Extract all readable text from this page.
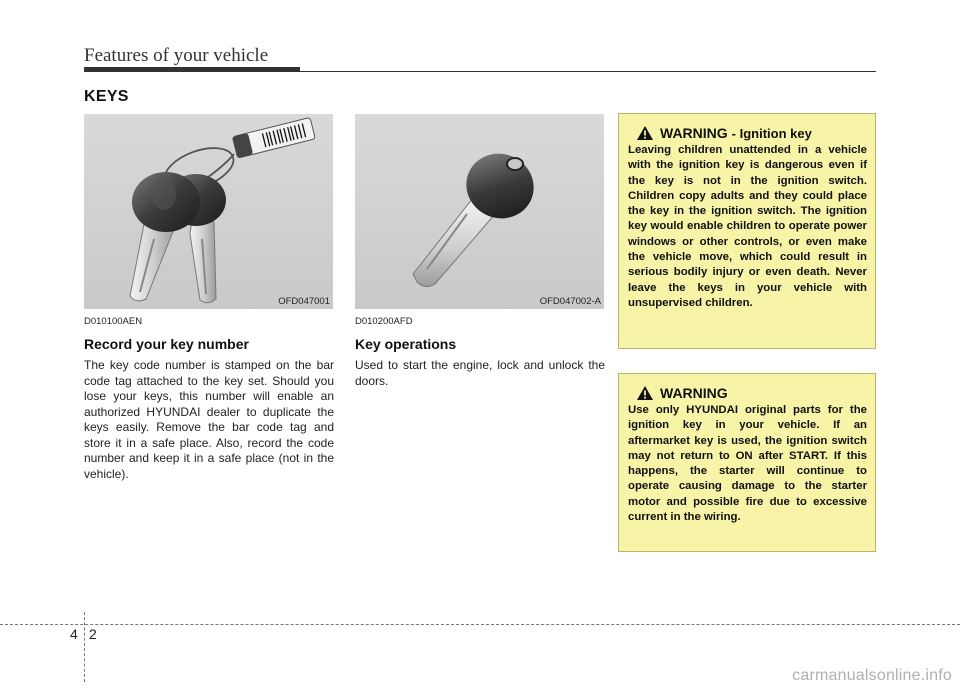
Features of your vehicle
KEYS
OFD047001	OFD047002-A
D010100AEN
Record your key number
The key code number is stamped on the bar code tag attached to the key set. Should you lose your keys, this number will enable an authorized HYUNDAI dealer to duplicate the keys easily. Remove the bar code tag and store it in a safe place. Also, record the code number and keep it in a safe place (not in the vehicle).
D010200AFD
Key operations
Used to start the engine, lock and unlock the doors.
WARNING - Ignition key
Leaving children unattended in a vehicle with the ignition key is dangerous even if the key is not in the ignition switch. Children copy adults and they could place the key in the ignition switch. The ignition key would enable children to operate power windows or other controls, or even make the vehicle move, which could result in serious bodily injury or even death. Never leave the keys in your vehicle with unsupervised children.
WARNING
Use only HYUNDAI original parts for the ignition key in your vehicle. If an aftermarket key is used, the ignition switch may not return to ON after START. If this happens, the starter will continue to operate causing damage to the starter motor and possible fire due to excessive current in the wiring.
4 2
carmanualsonline.info
